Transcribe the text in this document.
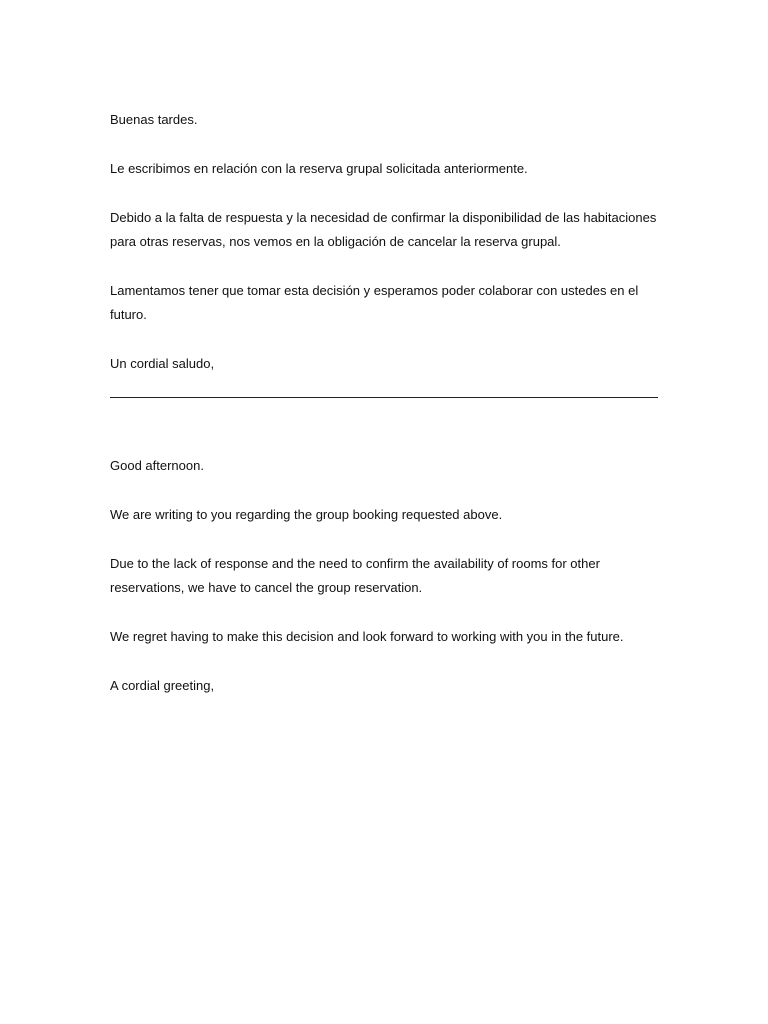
Buenas tardes.

Le escribimos en relación con la reserva grupal solicitada anteriormente.

Debido a la falta de respuesta y la necesidad de confirmar la disponibilidad de las habitaciones para otras reservas, nos vemos en la obligación de cancelar la reserva grupal.

Lamentamos tener que tomar esta decisión y esperamos poder colaborar con ustedes en el futuro.

Un cordial saludo,

Good afternoon.

We are writing to you regarding the group booking requested above.

Due to the lack of response and the need to confirm the availability of rooms for other reservations, we have to cancel the group reservation.

We regret having to make this decision and look forward to working with you in the future.

A cordial greeting,
